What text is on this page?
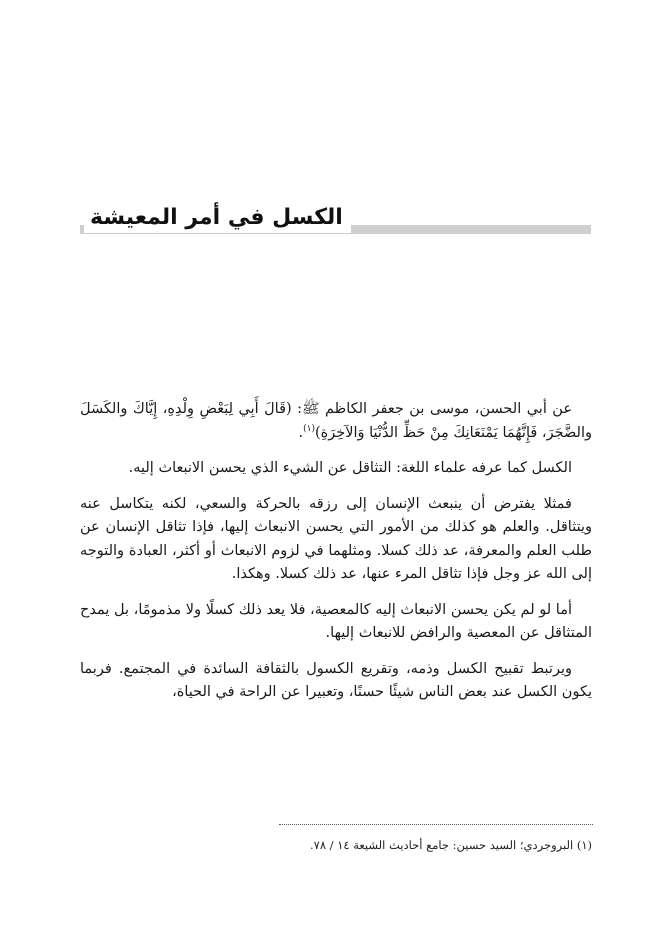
الكسل في أمر المعيشة

عن أبي الحسن، موسى بن جعفر الكاظم ﷺ: (قَالَ أَبِي لِبَعْضِ وِلْدِهِ، إِيَّاكَ والكَسَلَ والضَّجَرَ، فَإِنَّهُمَا يَمْنَعَانِكَ مِنْ حَظِّ الدُّنْيَا وَالآخِرَةِ)$^{(١)}$.

الكسل كما عرفه علماء اللغة: التثاقل عن الشيء الذي يحسن الانبعاث إليه.

فمثلا يفترض أن ينبعث الإنسان إلى رزقه بالحركة والسعي، لكنه يتكاسل عنه ويتثاقل. والعلم هو كذلك من الأمور التي يحسن الانبعاث إليها، فإذا تثاقل الإنسان عن طلب العلم والمعرفة، عد ذلك كسلا. ومثلهما في لزوم الانبعاث أو أكثر، العبادة والتوجه إلى الله عز وجل فإذا تثاقل المرء عنها، عد ذلك كسلا. وهكذا.

أما لو لم يكن يحسن الانبعاث إليه كالمعصية، فلا يعد ذلك كسلًا ولا مذمومًا، بل يمدح المتثاقل عن المعصية والرافض للانبعاث إليها.

ويرتبط تقبيح الكسل وذمه، وتقريع الكسول بالثقافة السائدة في المجتمع. فربما يكون الكسل عند بعض الناس شيئًا حسنًا، وتعبيرا عن الراحة في الحياة،

(١) البروجردي؛ السيد حسين: جامع أحاديث الشيعة ١٤ / ٧٨.
